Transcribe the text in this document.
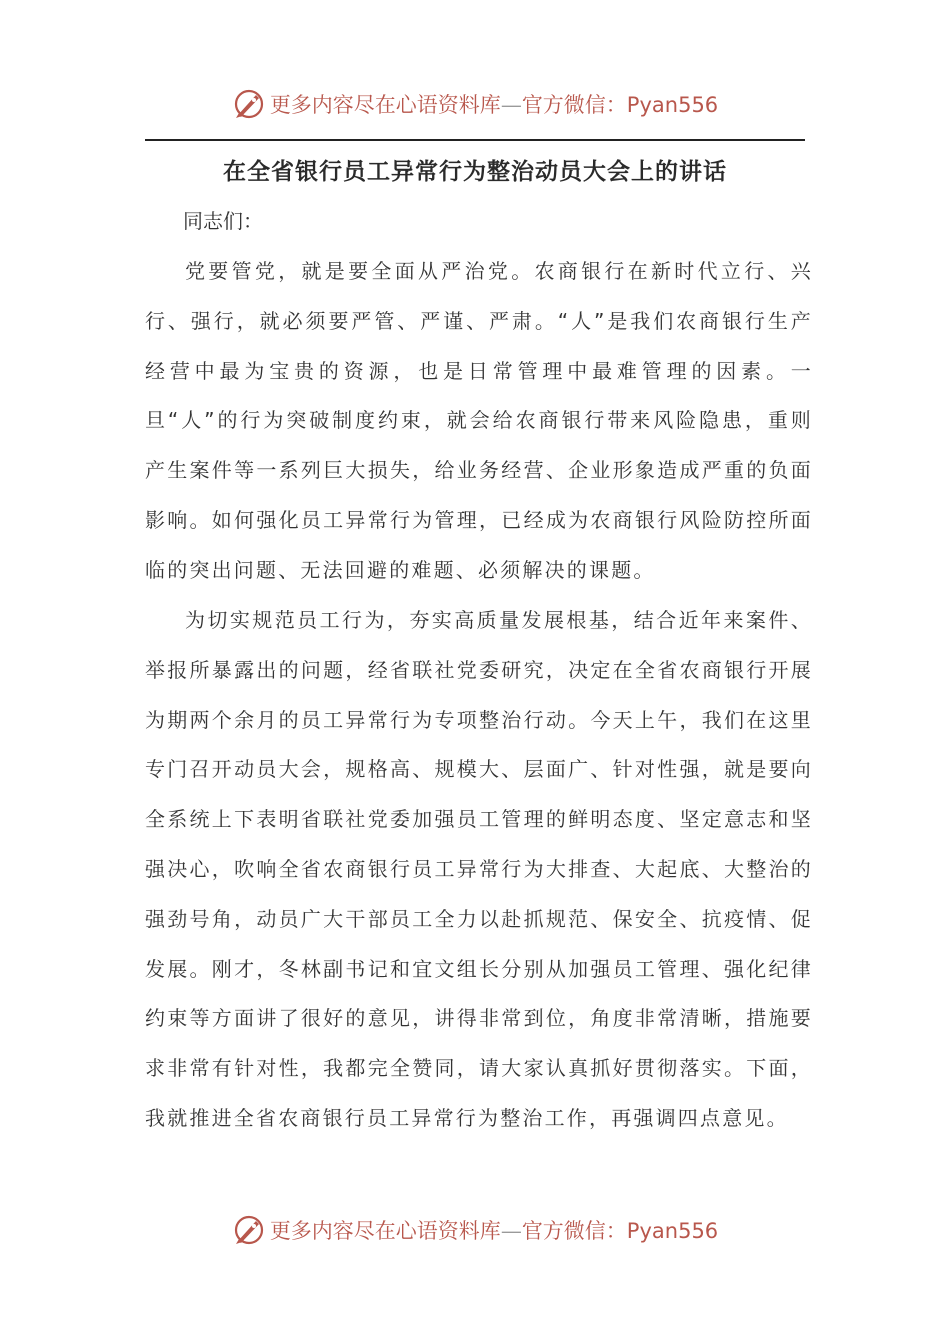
更多内容尽在心语资料库—官方微信：Pyan556
在全省银行员工异常行为整治动员大会上的讲话
同志们：

党要管党，就是要全面从严治党。农商银行在新时代立行、兴行、强行，就必须要严管、严谨、严肃。“人”是我们农商银行生产经营中最为宝贵的资源，也是日常管理中最难管理的因素。一旦“人”的行为突破制度约束，就会给农商银行带来风险隐患，重则产生案件等一系列巨大损失，给业务经营、企业形象造成严重的负面影响。如何强化员工异常行为管理，已经成为农商银行风险防控所面临的突出问题、无法回避的难题、必须解决的课题。

为切实规范员工行为，夯实高质量发展根基，结合近年来案件、举报所暴露出的问题，经省联社党委研究，决定在全省农商银行开展为期两个余月的员工异常行为专项整治行动。今天上午，我们在这里专门召开动员大会，规格高、规模大、层面广、针对性强，就是要向全系统上下表明省联社党委加强员工管理的鲜明态度、坚定意志和坚强决心，吹响全省农商银行员工异常行为大排查、大起底、大整治的强劲号角，动员广大干部员工全力以赴抓规范、保安全、抗疫情、促发展。刚才，冬林副书记和宜文组长分别从加强员工管理、强化纪律约束等方面讲了很好的意见，讲得非常到位，角度非常清晰，措施要求非常有针对性，我都完全赞同，请大家认真抓好贯彻落实。下面，我就推进全省农商银行员工异常行为整治工作，再强调四点意见。

更多内容尽在心语资料库—官方微信：Pyan556
